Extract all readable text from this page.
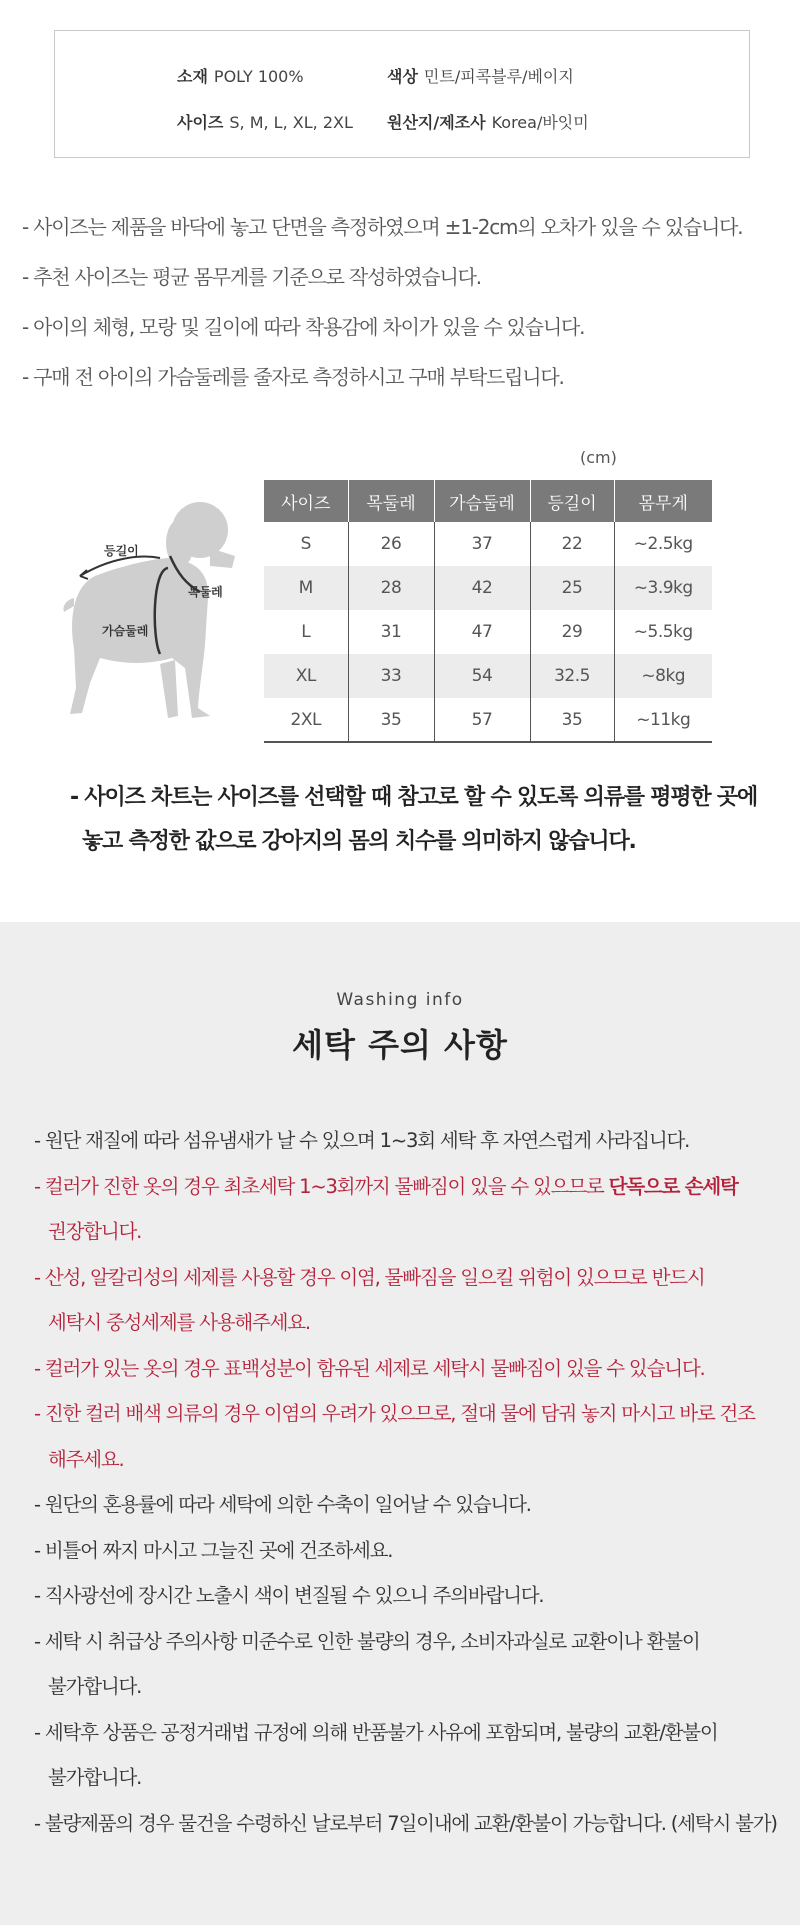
소재 POLY 100%	색상 민트/피콕블루/베이지
사이즈 S, M, L, XL, 2XL 원산지/제조사 Korea/바잇미

- 사이즈는 제품을 바닥에 놓고 단면을 측정하였으며 ±1-2cm의 오차가 있을 수 있습니다.

- 추천 사이즈는 평균 몸무게를 기준으로 작성하였습니다.

- 아이의 체형, 모랑 및 길이에 따라 착용감에 차이가 있을 수 있습니다.

- 구매 전 아이의 가슴둘레를 줄자로 측정하시고 구매 부탁드립니다.

등길이
목둘레
가슴둘레
(cm)
사이즈	목둘레	가슴둘레	등길이	몸무게
S	26	37	22	~2.5kg
M	28	42	25	~3.9kg
L	31	47	29	~5.5kg
XL	33	54	32.5	~8kg
2XL	35	57	35	~11kg
- 사이즈 차트는 사이즈를 선택할 때 참고로 할 수 있도록 의류를 평평한 곳에
놓고 측정한 값으로 강아지의 몸의 치수를 의미하지 않습니다.
Washing info
세탁 주의 사항

- 원단 재질에 따라 섬유냄새가 날 수 있으며 1~3회 세탁 후 자연스럽게 사라집니다.

- 컬러가 진한 옷의 경우 최초세탁 1~3회까지 물빠짐이 있을 수 있으므로 단독으로 손세탁

권장합니다.

- 산성, 알칼리성의 세제를 사용할 경우 이염, 물빠짐을 일으킬 위험이 있으므로 반드시

세탁시 중성세제를 사용해주세요.

- 컬러가 있는 옷의 경우 표백성분이 함유된 세제로 세탁시 물빠짐이 있을 수 있습니다.

- 진한 컬러 배색 의류의 경우 이염의 우려가 있으므로, 절대 물에 담궈 놓지 마시고 바로 건조

해주세요.

- 원단의 혼용률에 따라 세탁에 의한 수축이 일어날 수 있습니다.

- 비틀어 짜지 마시고 그늘진 곳에 건조하세요.

- 직사광선에 장시간 노출시 색이 변질될 수 있으니 주의바랍니다.

- 세탁 시 취급상 주의사항 미준수로 인한 불량의 경우, 소비자과실로 교환이나 환불이

불가합니다.

- 세탁후 상품은 공정거래법 규정에 의해 반품불가 사유에 포함되며, 불량의 교환/환불이

불가합니다.

- 불량제품의 경우 물건을 수령하신 날로부터 7일이내에 교환/환불이 가능합니다. (세탁시 불가)
